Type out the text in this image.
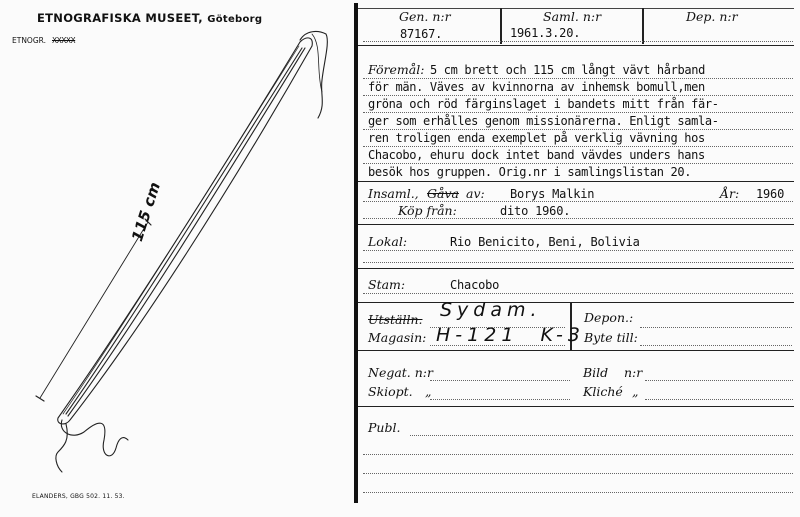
ETNOGRAFISKA MUSEET, Göteborg
ETNOGR. XXXXX
115 cm
ELANDERS, GBG 502. 11. 53.
Gen. n:r	Saml. n:r	Dep. n:r
87167.	1961.3.20.
Föremål: 5 cm brett och 115 cm långt vävt hårband
för män. Väves av kvinnorna av inhemsk bomull,men
gröna och röd färginslaget i bandets mitt från fär-
ger som erhålles genom missionärerna. Enligt samla-
ren troligen enda exemplet på verklig vävning hos
Chacobo, ehuru dock intet band vävdes unders hans
besök hos gruppen. Orig.nr i samlingslistan 20.
Insaml., Gåva av: Borys Malkin	År: 1960
Köp från:	dito 1960.
Lokal:	Rio Benicito, Beni, Bolivia
Stam:	Chacobo
Utställn. Sydam.
Magasin: H-121  K-3
Depon.:
Byte till:
Negat. n:r	Bild n:r
Skiopt. „	Kliché „
Publ.
